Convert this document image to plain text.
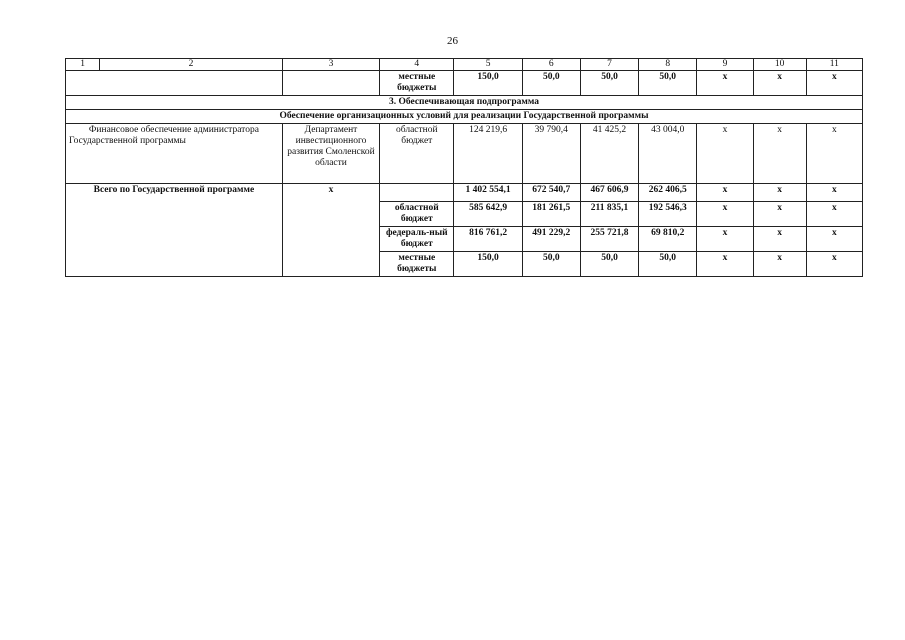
26
1	2	3	4	5	6	7	8	9	10	11
			местные бюджеты	150,0	50,0	50,0	50,0	x	x	x
3. Обеспечивающая подпрограмма										
Обеспечение организационных условий для реализации Государственной программы										
Финансовое обеспечение администратора Государственной программы		Департамент инвестиционного развития Смоленской области	областной бюджет	124 219,6	39 790,4	41 425,2	43 004,0	x	x	x
Всего по Государственной программе		x		1 402 554,1	672 540,7	467 606,9	262 406,5	x	x	x
			областной бюджет	585 642,9	181 261,5	211 835,1	192 546,3	x	x	x
			федераль-ный бюджет	816 761,2	491 229,2	255 721,8	69 810,2	x	x	x
			местные бюджеты	150,0	50,0	50,0	50,0	x	x	x
